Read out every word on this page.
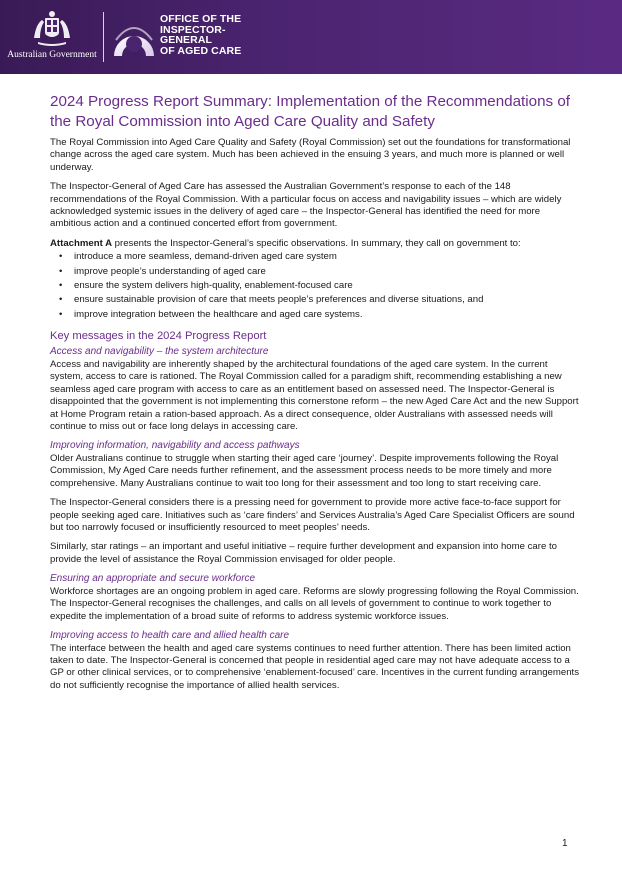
Australian Government
OFFICE OF THE
INSPECTOR-
GENERAL
OF AGED CARE
2024 Progress Report Summary: Implementation of the Recommendations of the Royal Commission into Aged Care Quality and Safety

The Royal Commission into Aged Care Quality and Safety (Royal Commission) set out the foundations for transformational change across the aged care system. Much has been achieved in the ensuing 3 years, and much more is planned or well underway.

The Inspector-General of Aged Care has assessed the Australian Government’s response to each of the 148 recommendations of the Royal Commission. With a particular focus on access and navigability issues – which are widely acknowledged systemic issues in the delivery of aged care – the Inspector-General has identified the need for more ambitious action and a continued concerted effort from government.

Attachment A presents the Inspector-General’s specific observations. In summary, they call on government to:

• introduce a more seamless, demand-driven aged care system
• improve people’s understanding of aged care
• ensure the system delivers high-quality, enablement-focused care
• ensure sustainable provision of care that meets people’s preferences and diverse situations, and
• improve integration between the healthcare and aged care systems.
Key messages in the 2024 Progress Report
Access and navigability – the system architecture

Access and navigability are inherently shaped by the architectural foundations of the aged care system. In the current system, access to care is rationed. The Royal Commission called for a paradigm shift, recommending establishing a new seamless aged care program with access to care as an entitlement based on assessed need. The Inspector-General is disappointed that the government is not implementing this cornerstone reform – the new Aged Care Act and the new Support at Home Program retain a ration-based approach. As a direct consequence, older Australians with assessed needs will continue to miss out or face long delays in accessing care.

Improving information, navigability and access pathways

Older Australians continue to struggle when starting their aged care ‘journey’. Despite improvements following the Royal Commission, My Aged Care needs further refinement, and the assessment process needs to be more timely and more comprehensive. Many Australians continue to wait too long for their assessment and too long to start receiving care.

The Inspector-General considers there is a pressing need for government to provide more active face-to-face support for people seeking aged care. Initiatives such as ‘care finders’ and Services Australia’s Aged Care Specialist Officers are sound but too narrowly focused or insufficiently resourced to meet peoples’ needs.

Similarly, star ratings – an important and useful initiative – require further development and expansion into home care to provide the level of assistance the Royal Commission envisaged for older people.

Ensuring an appropriate and secure workforce

Workforce shortages are an ongoing problem in aged care. Reforms are slowly progressing following the Royal Commission. The Inspector-General recognises the challenges, and calls on all levels of government to continue to work together to expedite the implementation of a broad suite of reforms to address systemic workforce issues.

Improving access to health care and allied health care

The interface between the health and aged care systems continues to need further attention. There has been limited action taken to date. The Inspector-General is concerned that people in residential aged care may not have adequate access to a GP or other clinical services, or to comprehensive ‘enablement-focused’ care. Incentives in the current funding arrangements do not sufficiently recognise the importance of allied health services.

1
